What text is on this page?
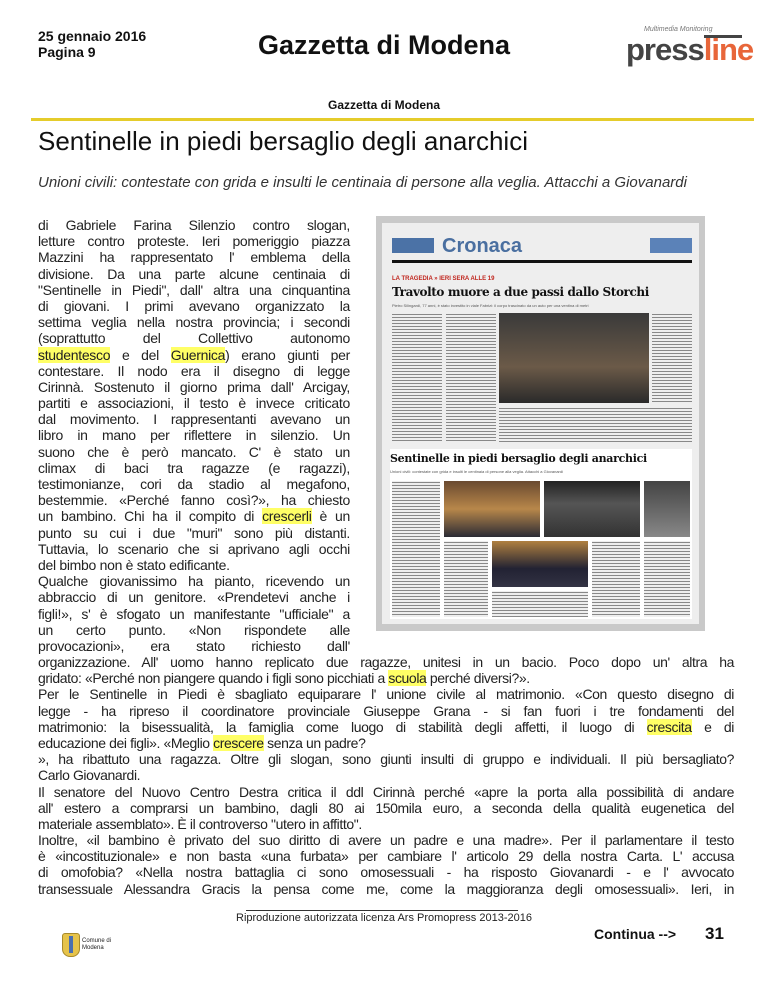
25 gennaio 2016
Pagina 9	Gazzetta di Modena
Multimedia Monitoring
pressline
Gazzetta di Modena
Sentinelle in piedi bersaglio degli anarchici
Unioni civili: contestate con grida e insulti le centinaia di persone alla veglia. Attacchi a Giovanardi
di Gabriele Farina Silenzio contro slogan,
letture contro proteste. Ieri pomeriggio piazza
Mazzini ha rappresentato l' emblema della
divisione. Da una parte alcune centinaia di
"Sentinelle in Piedi", dall' altra una cinquantina
di giovani. I primi avevano organizzato la
settima veglia nella nostra provincia; i secondi
(soprattutto del Collettivo autonomo
studentesco e del Guernica) erano giunti per
contestare. Il nodo era il disegno di legge
Cirinnà. Sostenuto il giorno prima dall' Arcigay,
partiti e associazioni, il testo è invece criticato
dal movimento. I rappresentanti avevano un
libro in mano per riflettere in silenzio. Un
suono che è però mancato. C' è stato un
climax di baci tra ragazze (e ragazzi),
testimonianze, cori da stadio al megafono,
bestemmie. «Perché fanno così?», ha chiesto
un bambino. Chi ha il compito di crescerli è un
punto su cui i due "muri" sono più distanti.
Tuttavia, lo scenario che si aprivano agli occhi
del bimbo non è stato edificante.
Qualche giovanissimo ha pianto, ricevendo un
abbraccio di un genitore. «Prendetevi anche i
figli!», s' è sfogato un manifestante "ufficiale" a
un certo punto. «Non rispondete alle
provocazioni», era stato richiesto dall'
Cronaca
LA TRAGEDIA » IERI SERA ALLE 19
Travolto muore a due passi dallo Storchi
Pietro Silingardi, 77 anni, è stato investito in viale Fabrizi: il corpo trascinato da un auto per una ventina di metri
Sentinelle in piedi bersaglio degli anarchici
Unioni civili: contestate con grida e insulti le centinaia di persone alla veglia. Attacchi a Giovanardi
organizzazione. All' uomo hanno replicato due ragazze, unitesi in un bacio. Poco dopo un' altra ha
gridato: «Perché non piangere quando i figli sono picchiati a scuola perché diversi?».
Per le Sentinelle in Piedi è sbagliato equiparare l' unione civile al matrimonio. «Con questo disegno di
legge - ha ripreso il coordinatore provinciale Giuseppe Grana - si fan fuori i tre fondamenti del
matrimonio: la bisessualità, la famiglia come luogo di stabilità degli affetti, il luogo di crescita e di
educazione dei figli». «Meglio crescere senza un padre?
», ha ribattuto una ragazza. Oltre gli slogan, sono giunti insulti di gruppo e individuali. Il più bersagliato?
Carlo Giovanardi.
Il senatore del Nuovo Centro Destra critica il ddl Cirinnà perché «apre la porta alla possibilità di andare
all' estero a comprarsi un bambino, dagli 80 ai 150mila euro, a seconda della qualità eugenetica del
materiale assemblato». È il controverso "utero in affitto".
Inoltre, «il bambino è privato del suo diritto di avere un padre e una madre». Per il parlamentare il testo
è «incostituzionale» e non basta «una furbata» per cambiare l' articolo 29 della nostra Carta. L' accusa
di omofobia? «Nella nostra battaglia ci sono omosessuali - ha risposto Giovanardi - e l' avvocato
transessuale Alessandra Gracis la pensa come me, come la maggioranza degli omosessuali». Ieri, in
Riproduzione autorizzata licenza Ars Promopress 2013-2016
Comune di Modena
Continua --> 31
